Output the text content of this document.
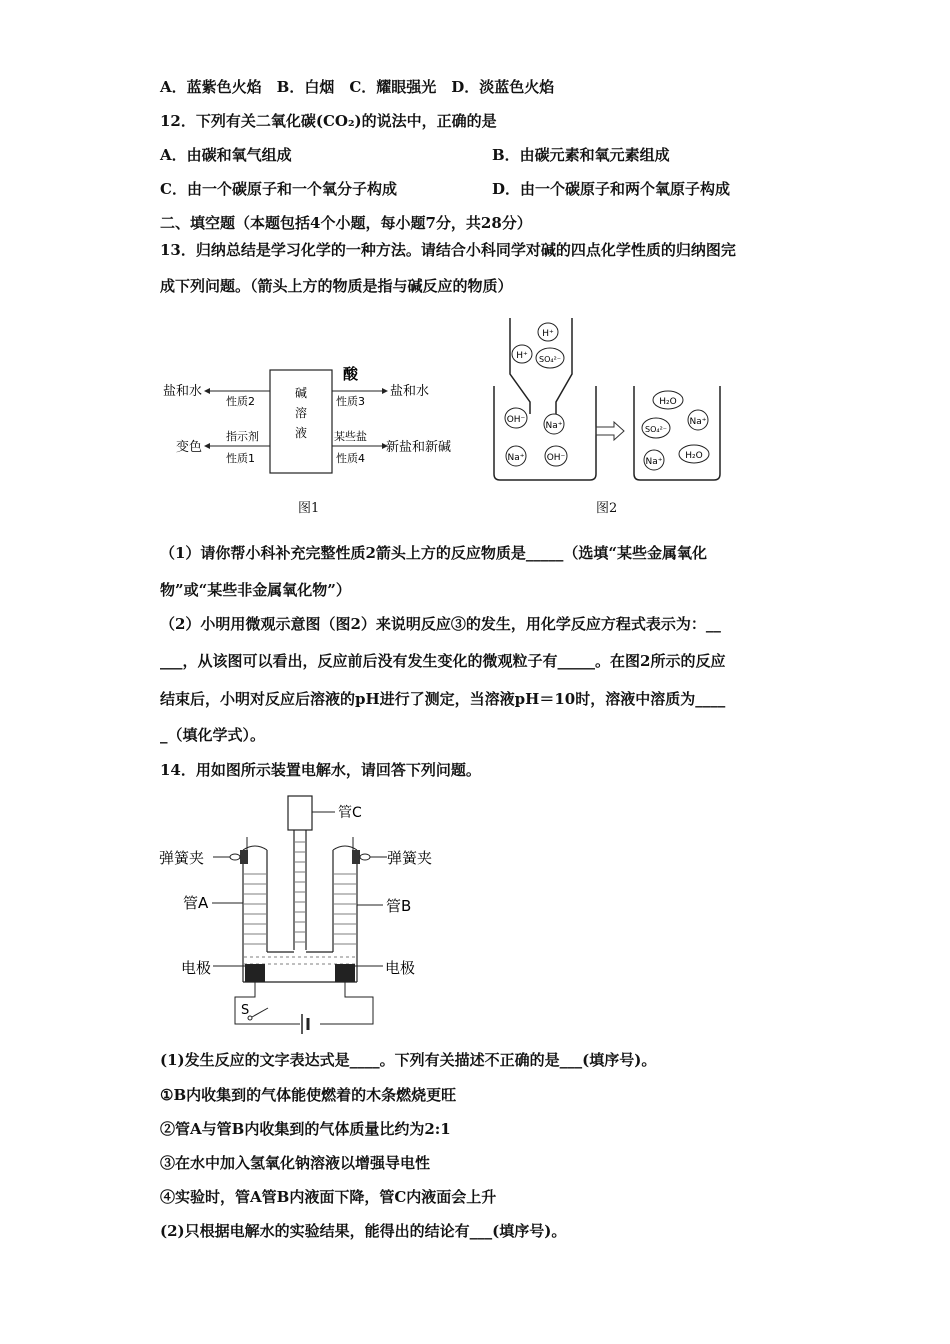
A．蓝紫色火焰　B．白烟　C．耀眼强光　D．淡蓝色火焰
12．下列有关二氧化碳(CO₂)的说法中，正确的是
A．由碳和氧气组成	B．由碳元素和氧元素组成
C．由一个碳原子和一个氧分子构成	D．由一个碳原子和两个氧原子构成
二、填空题（本题包括4个小题，每小题7分，共28分）
13．归纳总结是学习化学的一种方法。请结合小科同学对碱的四点化学性质的归纳图完
成下列问题。（箭头上方的物质是指与碱反应的物质）
碱
溶
液
盐和水
性质2
变色
指示剂
性质1
酸
盐和水
性质3
某些盐
新盐和新碱
性质4
图1
H⁺
H⁺ SO₄²⁻
OH⁻
Na⁺
Na⁺ OH⁻
H₂O
SO₄²⁻
Na⁺
Na⁺
H₂O
图2
（1）请你帮小科补充完整性质2箭头上方的反应物质是_____（选填“某些金属氧化
物”或“某些非金属氧化物”）
（2）小明用微观示意图（图2）来说明反应③的发生，用化学反应方程式表示为：__
___，从该图可以看出，反应前后没有发生变化的微观粒子有_____。在图2所示的反应
结束后，小明对反应后溶液的pH进行了测定，当溶液pH＝10时，溶液中溶质为____
_（填化学式）。
14．用如图所示装置电解水，请回答下列问题。
管C
弹簧夹	弹簧夹
管A	管B
电极	电极
S
(1)发生反应的文字表达式是____。下列有关描述不正确的是___(填序号)。
①B内收集到的气体能使燃着的木条燃烧更旺
②管A与管B内收集到的气体质量比约为2:1
③在水中加入氢氧化钠溶液以增强导电性
④实验时，管A管B内液面下降，管C内液面会上升
(2)只根据电解水的实验结果，能得出的结论有___(填序号)。
